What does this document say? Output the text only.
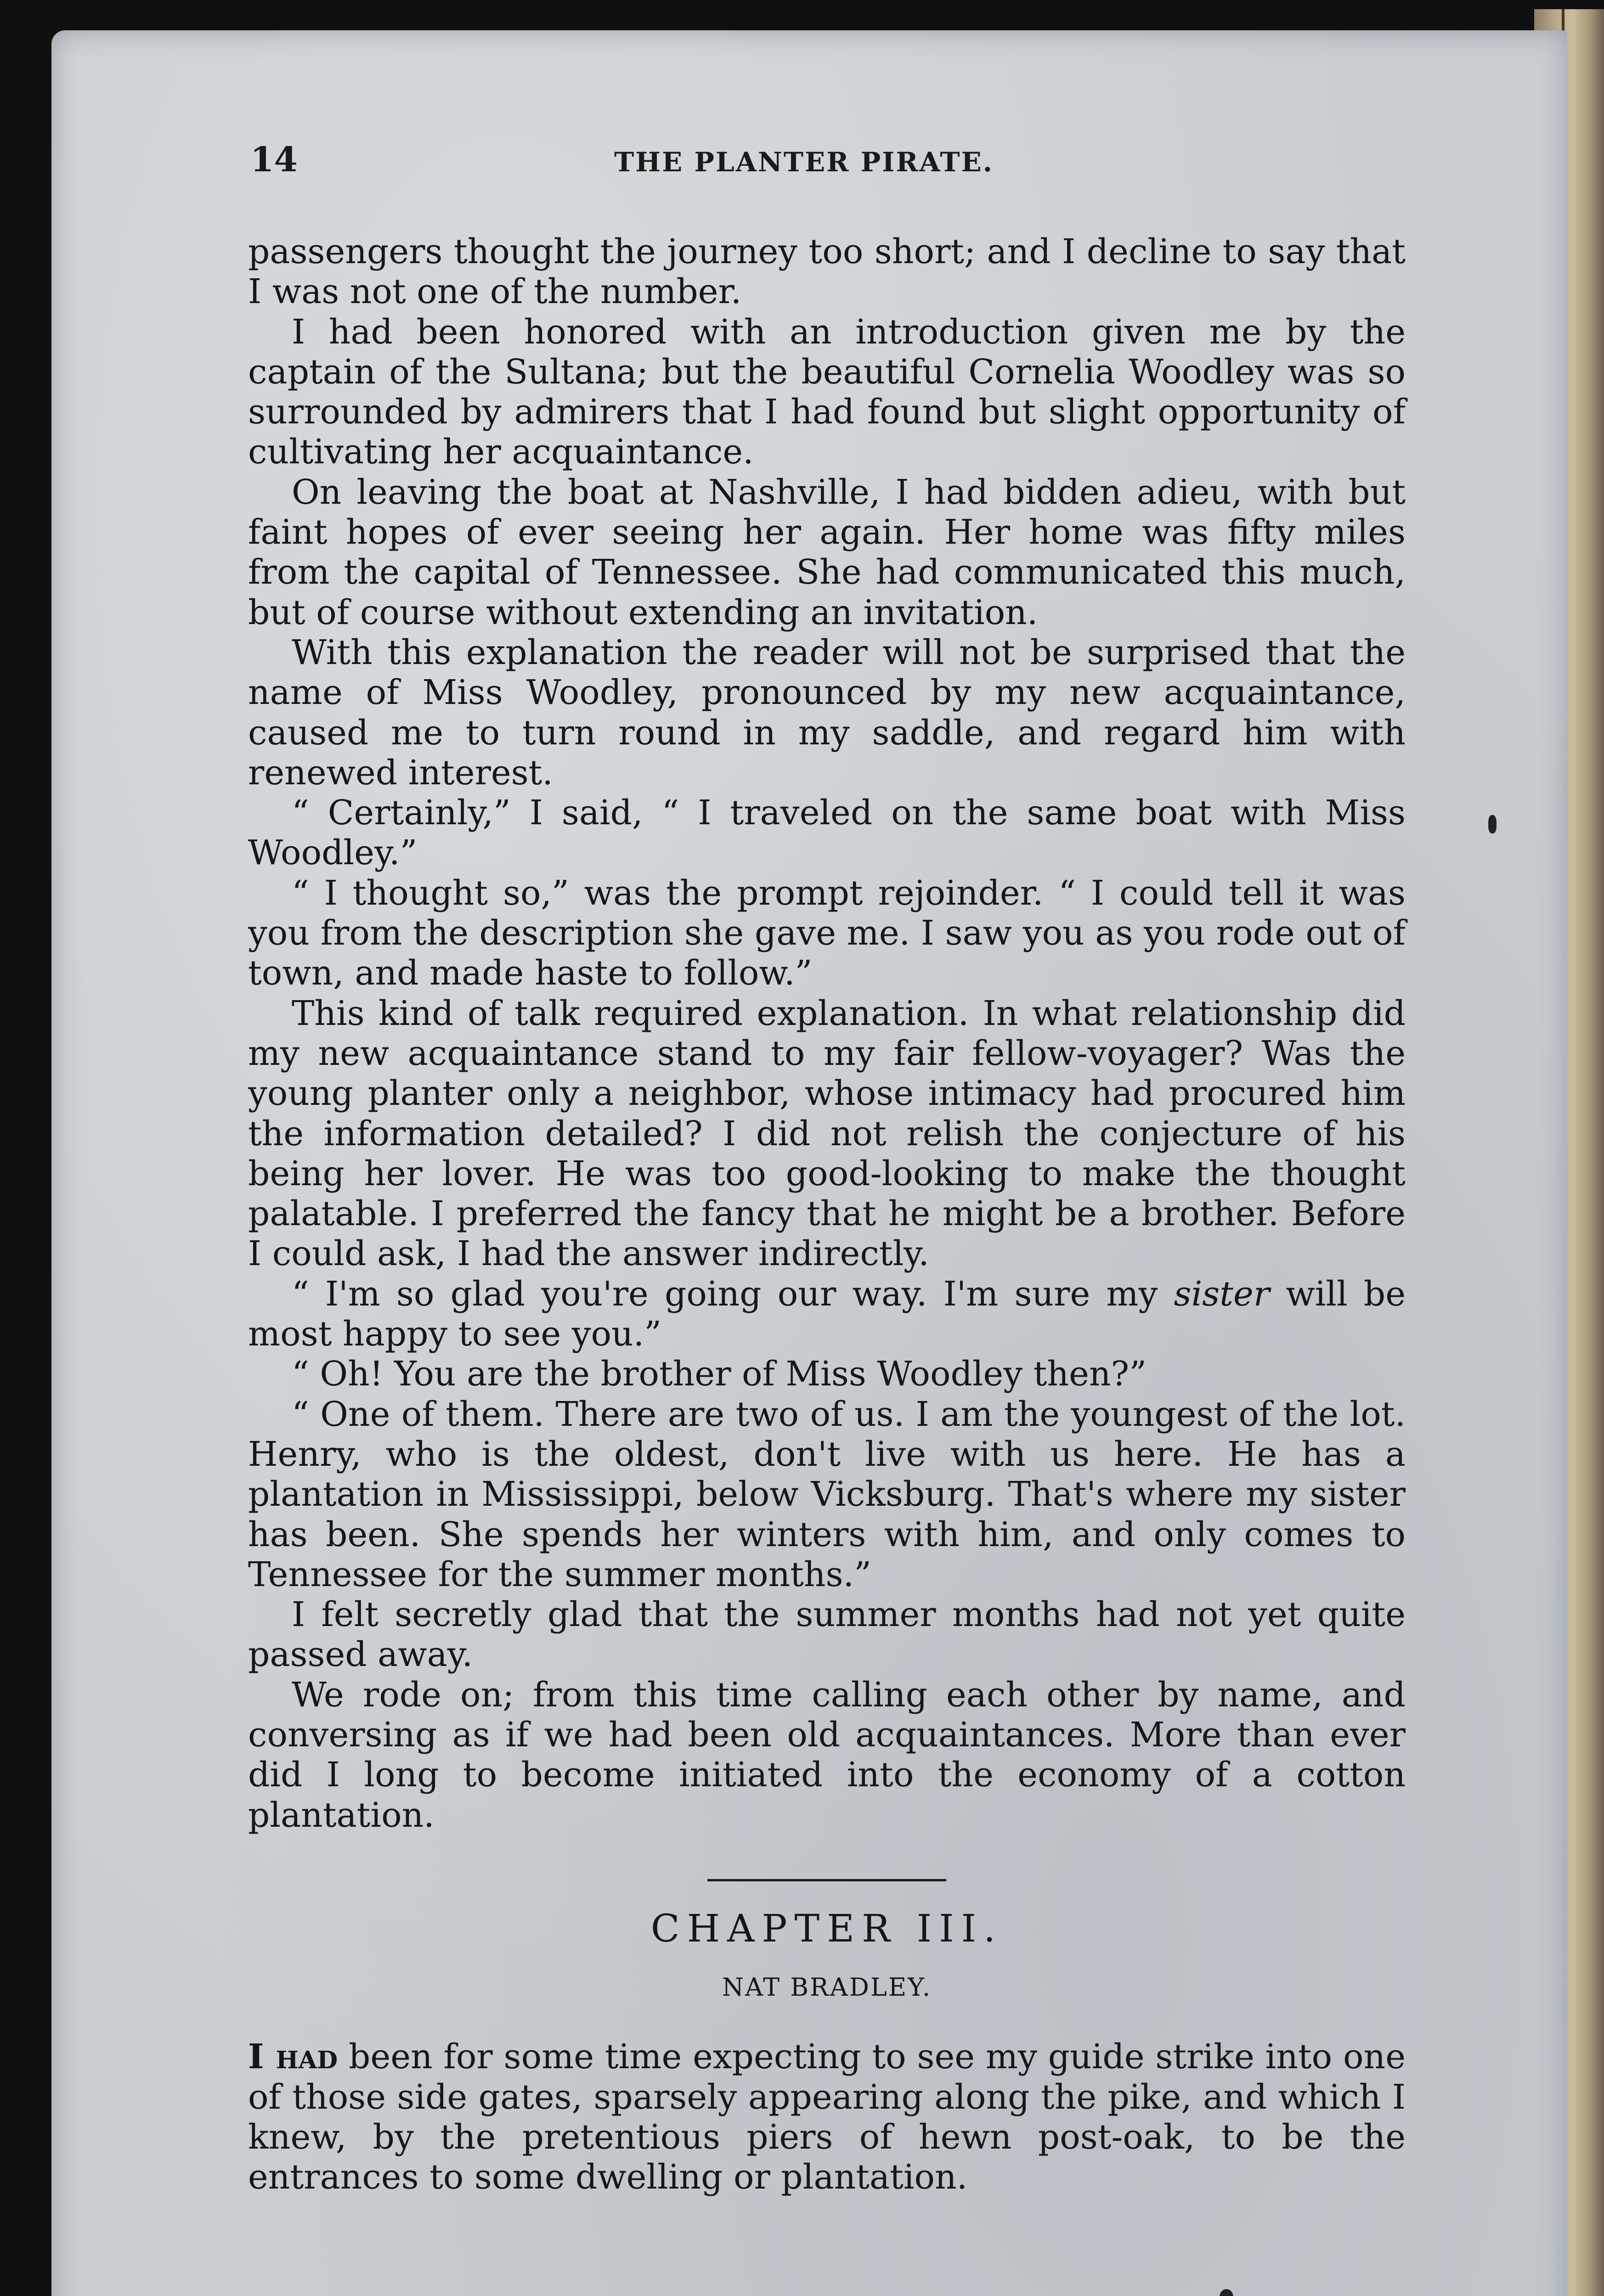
14	THE PLANTER PIRATE.

passengers thought the journey too short; and I decline to say that I was not one of the number.

I had been honored with an introduction given me by the captain of the Sultana; but the beautiful Cornelia Woodley was so surrounded by admirers that I had found but slight opportunity of cultivating her acquaintance.

On leaving the boat at Nashville, I had bidden adieu, with but faint hopes of ever seeing her again. Her home was fifty miles from the capital of Tennessee. She had communicated this much, but of course without extending an invitation.

With this explanation the reader will not be surprised that the name of Miss Woodley, pronounced by my new acquaintance, caused me to turn round in my saddle, and regard him with renewed interest.

“ Certainly,” I said, “ I traveled on the same boat with Miss Woodley.”

“ I thought so,” was the prompt rejoinder. “ I could tell it was you from the description she gave me. I saw you as you rode out of town, and made haste to follow.”

This kind of talk required explanation. In what relationship did my new acquaintance stand to my fair fellow-voyager? Was the young planter only a neighbor, whose intimacy had procured him the information detailed? I did not relish the conjecture of his being her lover. He was too good-looking to make the thought palatable. I preferred the fancy that he might be a brother. Before I could ask, I had the answer indirectly.

“ I'm so glad you're going our way. I'm sure my sister will be most happy to see you.”

“ Oh! You are the brother of Miss Woodley then?”

“ One of them. There are two of us. I am the youngest of the lot. Henry, who is the oldest, don't live with us here. He has a plantation in Mississippi, below Vicksburg. That's where my sister has been. She spends her winters with him, and only comes to Tennessee for the summer months.”

I felt secretly glad that the summer months had not yet quite passed away.

We rode on; from this time calling each other by name, and conversing as if we had been old acquaintances. More than ever did I long to become initiated into the economy of a cotton plantation.

CHAPTER III.
NAT BRADLEY.

I had been for some time expecting to see my guide strike into one of those side gates, sparsely appearing along the pike, and which I knew, by the pretentious piers of hewn post-oak, to be the entrances to some dwelling or plantation.
